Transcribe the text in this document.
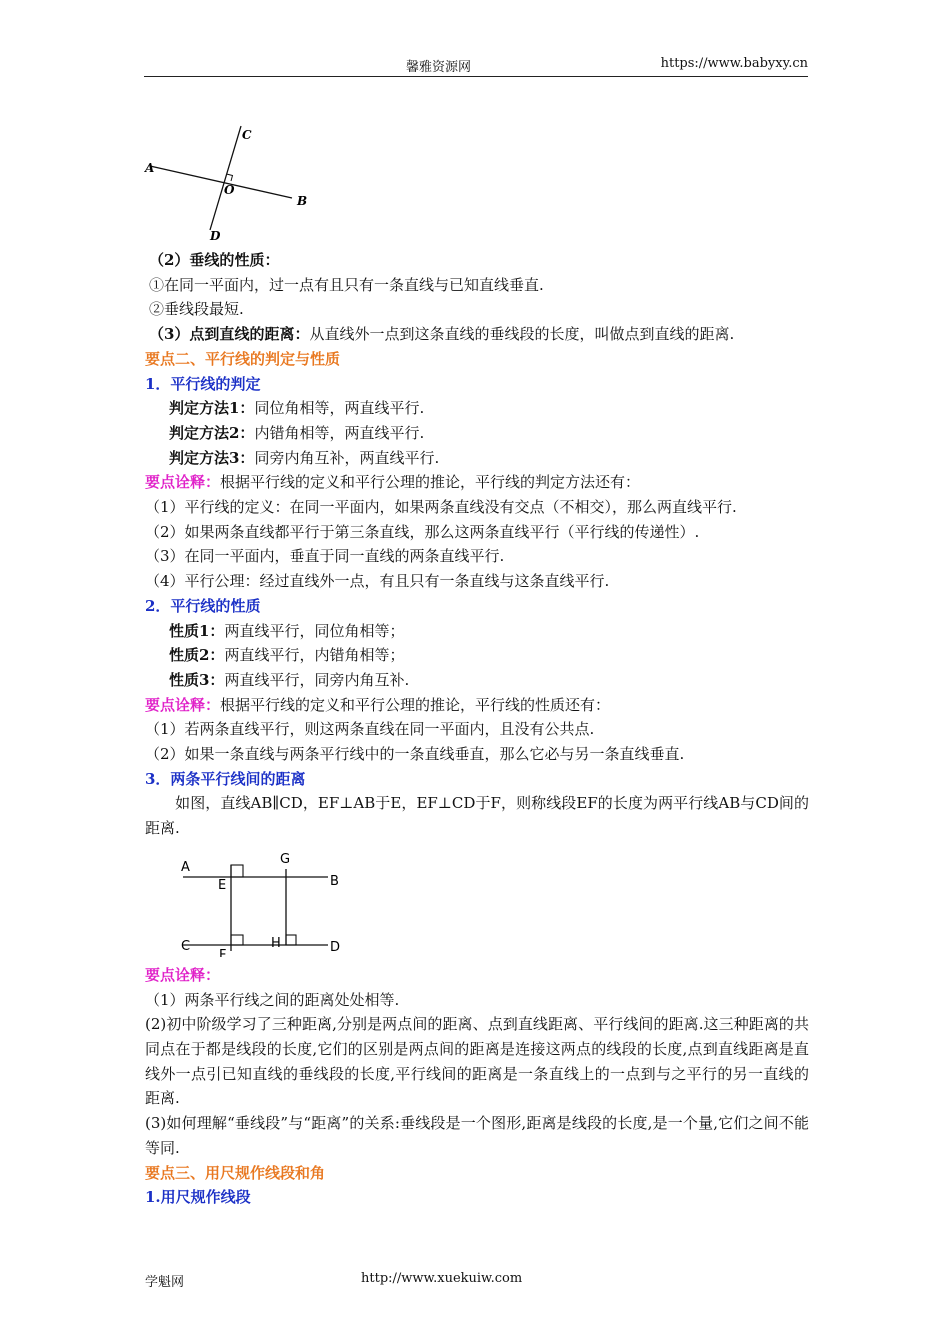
馨雅资源网	https://www.babyxy.cn
A
B
C
D
O
（2）垂线的性质：
①在同一平面内，过一点有且只有一条直线与已知直线垂直.
②垂线段最短.
（3）点到直线的距离：从直线外一点到这条直线的垂线段的长度，叫做点到直线的距离.
要点二、平行线的判定与性质
1．平行线的判定
判定方法1：同位角相等，两直线平行.
判定方法2：内错角相等，两直线平行.
判定方法3：同旁内角互补，两直线平行.
要点诠释：根据平行线的定义和平行公理的推论，平行线的判定方法还有：
（1）平行线的定义：在同一平面内，如果两条直线没有交点（不相交），那么两直线平行.
（2）如果两条直线都平行于第三条直线，那么这两条直线平行（平行线的传递性）.
（3）在同一平面内，垂直于同一直线的两条直线平行.
（4）平行公理：经过直线外一点，有且只有一条直线与这条直线平行.
2．平行线的性质
性质1：两直线平行，同位角相等；
性质2：两直线平行，内错角相等；
性质3：两直线平行，同旁内角互补.
要点诠释：根据平行线的定义和平行公理的推论，平行线的性质还有：
（1）若两条直线平行，则这两条直线在同一平面内，且没有公共点.
（2）如果一条直线与两条平行线中的一条直线垂直，那么它必与另一条直线垂直.
3．两条平行线间的距离
　　如图，直线AB∥CD，EF⊥AB于E，EF⊥CD于F，则称线段EF的长度为两平行线AB与CD间的距离.
A
B
C	D
E
F
G
H
要点诠释：
（1）两条平行线之间的距离处处相等.
(2)初中阶级学习了三种距离,分别是两点间的距离、点到直线距离、平行线间的距离.这三种距离的共同点在于都是线段的长度,它们的区别是两点间的距离是连接这两点的线段的长度,点到直线距离是直线外一点引已知直线的垂线段的长度,平行线间的距离是一条直线上的一点到与之平行的另一直线的距离.
(3)如何理解“垂线段”与“距离”的关系:垂线段是一个图形,距离是线段的长度,是一个量,它们之间不能等同.
要点三、用尺规作线段和角
1.用尺规作线段
学魁网	http://www.xuekuiw.com
